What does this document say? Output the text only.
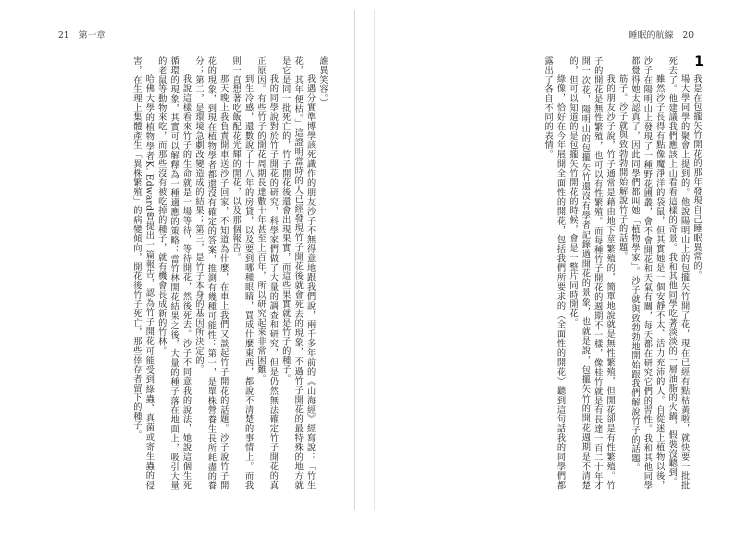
21　第一章

誰異笑容。）

我遇分實準博學該死識作的朋友沙子不無得意地跟我們說，兩千多年前的《山海經》經寫說：「竹生花，其年便枯。」這證明當時的人已經發現竹子開花後就會死去的現象，不過竹子開花的最特殊的地方就是它是同一批死亡的，竹子開花後還會出現果實，而這些果實就是竹子的種子。

我的同學說對於竹子開花的研究，科學家們做了大量的調查和研究，但是仍然無法確定竹子開花的真正原因。有些竹子的開花周期長達數十年甚至上百年，所以研究起來非常困難。

到生冷感，還數說了十八年的房貸，以及要到哪種眼睛，買成什麼東西，都說不清楚的事情上。而我則一直想著吃飯配花光輝的開花，以及那個報告。

那天晚上我負責開車送沙子回家，不知道為什麼，在車上我們又談起竹子開花的話題。沙子說竹子開花的現象，到現在植物學者都還沒有確定的答案，推測有幾種可能性：第一，是單株營養生長所耗盡的養分；第二，是環境急劇改變造成的結果；第三，是竹子本身的基因所決定的。

我說這樣看來竹子的生命就是一場等待，等待開花，然後死去。沙子不同意我的說法，她說這個生死循環的現象，其實可以解釋為一種適應的策略：當竹林開花結果之後，大量的種子落在地面上，吸引大量的老鼠等動物來吃，而那些沒有被吃掉的種子，就有機會長成新的竹林。

哈佛大學的植物學者K. Edward曾提出一篇報告，認為竹子開花可能受到綠蟲、真菌或寄生蟲的侵害，在生理上集體產生「異株繁殖」的病變傾向，開花後竹子死亡，那些倖存者留下的種子。

睡眠的航線　20
1

我是在包攏矢竹開花的那年發現自己睡眠異常的。

場大學同學的聚會上提到的。他說陽明山上的包攏矢竹開了花，現在已經有點枯黃啦，就快要一批批死去了。他建議我們應該上山看看這樣的奇景。我和其他同學吃著淡淡的一層油脂的火鍋，假裝沒聽到。

雖然沙子長得有點像魔淨洋的袋鼠，但其實她是一個安靜不太、活力充沛的人。自從迷上植物以後，沙子在陽明山上發現了一種野花圃叢，會不會開花和天氣有關，每天都在研究它們的習性。我和其他同學都覺得她太認真了，因此同學們都叫她「植物學家」。沙子就與致勃勃地開始跟我們解說竹子的話題。

筋子。沙子就與致勃勃開始解說竹子的話題。

我的朋友沙子說，竹子通常是藉由地下莖繁殖的，簡單地說就是無性繁殖，但開花卻是有性繁殖。竹子的開花是無性繁殖，也可以有性繁殖。而每種竹子開花的週期不一樣，像桂竹就是有長達一百二十年才開一次花，陽明山的包攏矢竹還沒有學者記錄過開花的景象，也就是說，包攏矢竹的開花週期是不清楚的，但可以知道的是包攏矢竹開花的時候，會是一整片同時開花。

綠像，恰好在今年展開全面性的開花，包括我們所要求的（全面性的開花）聽到這句話我的同學們都露出了各自不同的表情。
